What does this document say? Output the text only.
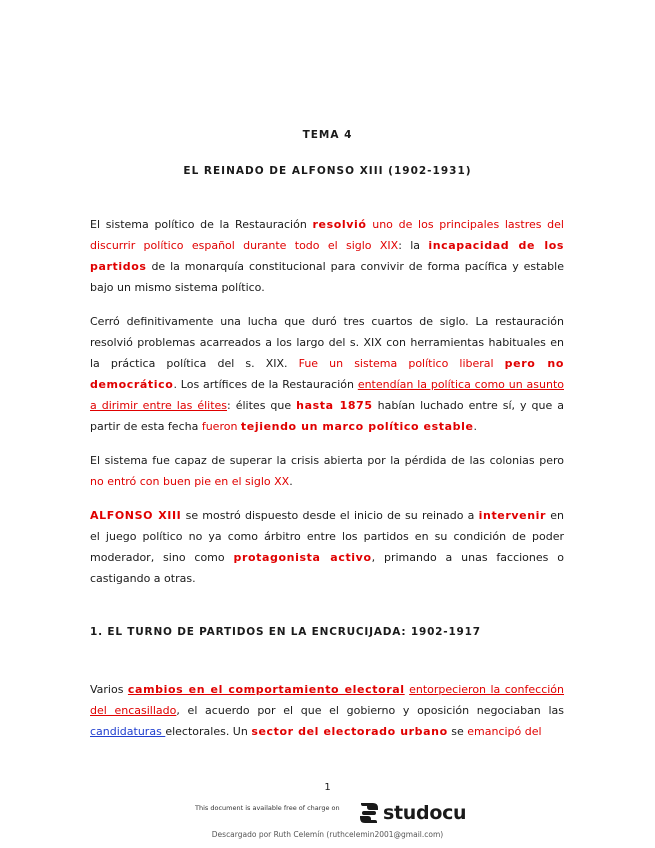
TEMA 4
EL REINADO DE ALFONSO XIII (1902-1931)

El sistema político de la Restauración resolvió uno de los principales lastres del discurrir político español durante todo el siglo XIX: la incapacidad de los partidos de la monarquía constitucional para convivir de forma pacífica y estable bajo un mismo sistema político.

Cerró definitivamente una lucha que duró tres cuartos de siglo. La restauración resolvió problemas acarreados a los largo del s. XIX con herramientas habituales en la práctica política del s. XIX. Fue un sistema político liberal pero no democrático. Los artífices de la Restauración entendían la política como un asunto a dirimir entre las élites: élites que hasta 1875 habían luchado entre sí, y que a partir de esta fecha fueron tejiendo un marco político estable.

El sistema fue capaz de superar la crisis abierta por la pérdida de las colonias pero no entró con buen pie en el siglo XX.

ALFONSO XIII se mostró dispuesto desde el inicio de su reinado a intervenir en el juego político no ya como árbitro entre los partidos en su condición de poder moderador, sino como protagonista activo, primando a unas facciones o castigando a otras.

1. EL TURNO DE PARTIDOS EN LA ENCRUCIJADA: 1902-1917

Varios cambios en el comportamiento electoral entorpecieron la confección del encasillado, el acuerdo por el que el gobierno y oposición negociaban las candidaturas electorales. Un sector del electorado urbano se emancipó del

1
This document is available free of charge on	studocu
Descargado por Ruth Celemín (ruthcelemin2001@gmail.com)
